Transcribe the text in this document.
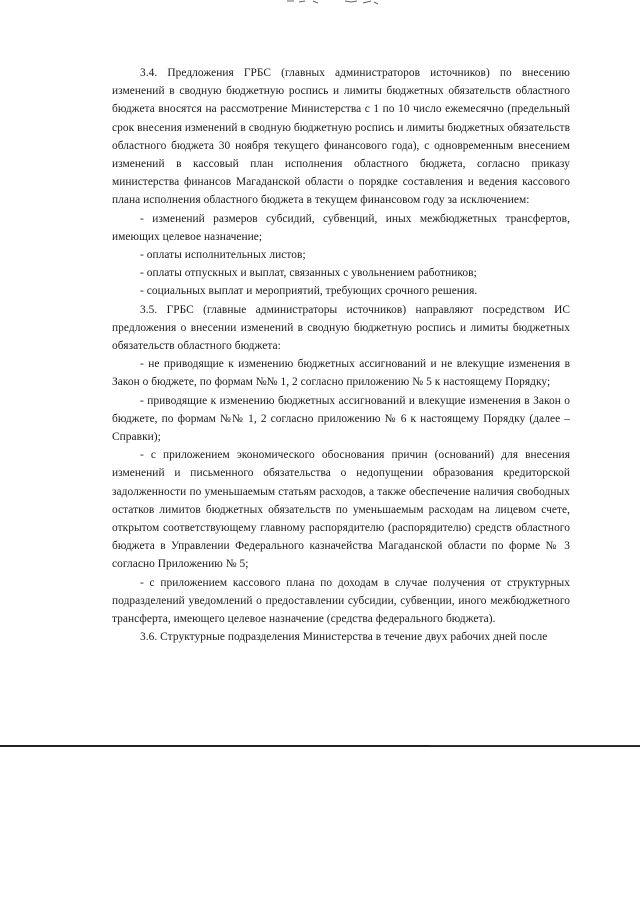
3.4. Предложения ГРБС (главных администраторов источников) по внесению изменений в сводную бюджетную роспись и лимиты бюджетных обязательств областного бюджета вносятся на рассмотрение Министерства с 1 по 10 число ежемесячно (предельный срок внесения изменений в сводную бюджетную роспись и лимиты бюджетных обязательств областного бюджета 30 ноября текущего финансового года), с одновременным внесением изменений в кассовый план исполнения областного бюджета, согласно приказу министерства финансов Магаданской области о порядке составления и ведения кассового плана исполнения областного бюджета в текущем финансовом году за исключением:

- изменений размеров субсидий, субвенций, иных межбюджетных трансфертов, имеющих целевое назначение;

- оплаты исполнительных листов;

- оплаты отпускных и выплат, связанных с увольнением работников;

- социальных выплат и мероприятий, требующих срочного решения.

3.5. ГРБС (главные администраторы источников) направляют посредством ИС предложения о внесении изменений в сводную бюджетную роспись и лимиты бюджетных обязательств областного бюджета:

- не приводящие к изменению бюджетных ассигнований и не влекущие изменения в Закон о бюджете, по формам №№ 1, 2 согласно приложению № 5 к настоящему Порядку;

- приводящие к изменению бюджетных ассигнований и влекущие изменения в Закон о бюджете, по формам №№ 1, 2 согласно приложению № 6 к настоящему Порядку (далее – Справки);

- с приложением экономического обоснования причин (оснований) для внесения изменений и письменного обязательства о недопущении образования кредиторской задолженности по уменьшаемым статьям расходов, а также обеспечение наличия свободных остатков лимитов бюджетных обязательств по уменьшаемым расходам на лицевом счете, открытом соответствующему главному распорядителю (распорядителю) средств областного бюджета в Управлении Федерального казначейства Магаданской области по форме № 3 согласно Приложению № 5;

- с приложением кассового плана по доходам в случае получения от структурных подразделений уведомлений о предоставлении субсидии, субвенции, иного межбюджетного трансферта, имеющего целевое назначение (средства федерального бюджета).

3.6. Структурные подразделения Министерства в течение двух рабочих дней после
